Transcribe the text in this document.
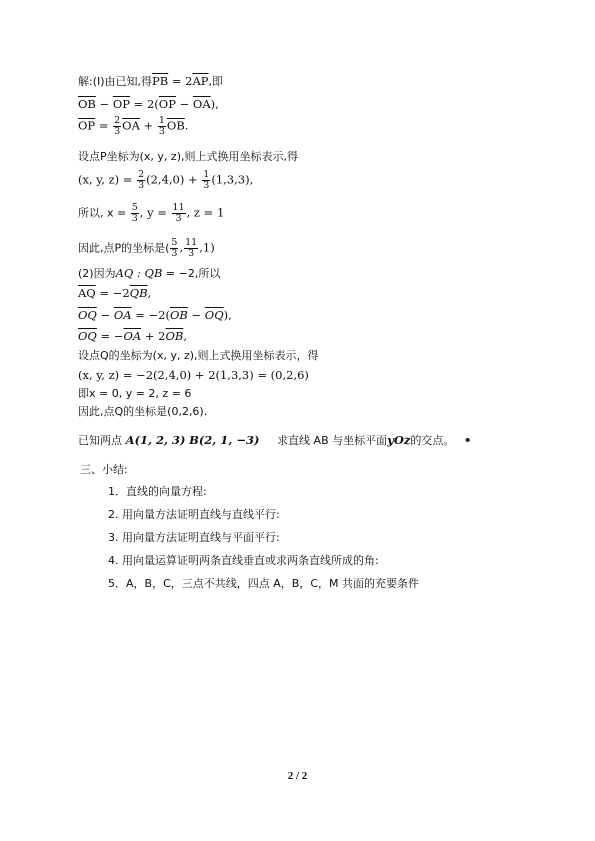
解:(I)由已知,得$\overline{PB} = 2\overline{AP}$,即
$\overline{OB} - \overline{OP} = 2(\overline{OP} - \overline{OA})$,
$\overline{OP} = \frac{2}{3} \overline{OA} + \frac{1}{3} \overline{OB}$.
设点P坐标为(x, y, z),则上式换用坐标表示,得
(x, y, $z) = \frac{2}{3} (2,4,0) + \frac{1}{3} (1,3,3)$,
所以, $x = \frac{5}{3}$ , $y = \frac{11}{3}$ , z = 1
因此,点P的坐标是( $\frac{5}{3}$ , $\frac{11}{3} ,1$)
(2)因为AQ : QB = −2,所以
$\overline{AQ} = -2\overline{QB}$,
$\overline{OQ} - \overline{OA} = -2(\overline{OB} - \overline{OQ})$,
$\overline{OQ} = -\overline{OA} + 2\overline{OB}$,
设点Q的坐标为(x, y, z),则上式换用坐标表示，得
(x, y, z) = −2(2,4,0) + 2(1,3,3) = (0,2,6)
即x = 0, y = 2, z = 6
因此,点Q的坐标是(0,2,6).
已知两点 A(1, 2, 3) B(2, 1, −3) 求直线 AB 与坐标平面yOz的交点。 •
三、小结:
1．直线的向量方程:
2. 用向量方法证明直线与直线平行:
3. 用向量方法证明直线与平面平行:
4. 用向量运算证明两条直线垂直或求两条直线所成的角:
5．A，B，C，三点不共线，四点 A，B，C，M 共面的充要条件
2 / 2
